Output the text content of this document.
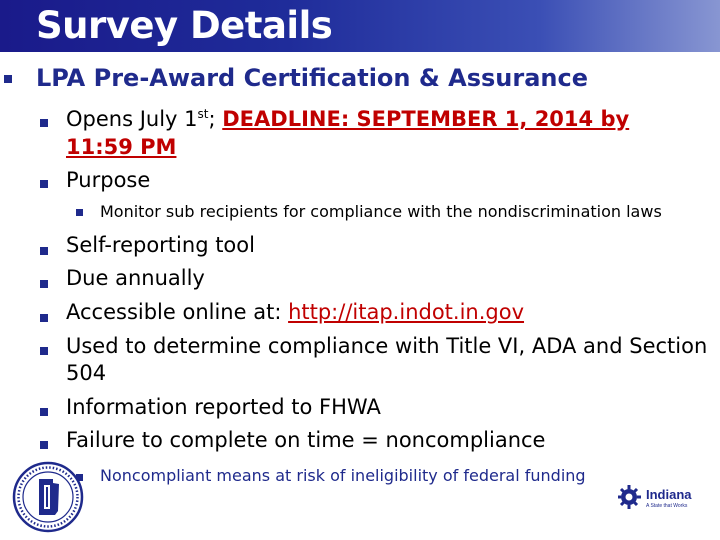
Survey Details
LPA Pre-Award Certification & Assurance
Opens July 1st; DEADLINE: SEPTEMBER 1, 2014 by
11:59 PM
Purpose
Monitor sub recipients for compliance with the nondiscrimination laws
Self-reporting tool
Due annually
Accessible online at: http://itap.indot.in.gov
Used to determine compliance with Title VI, ADA and Section
504
Information reported to FHWA
Failure to complete on time = noncompliance
Noncompliant means at risk of ineligibility of federal funding
Indiana
A State that Works
